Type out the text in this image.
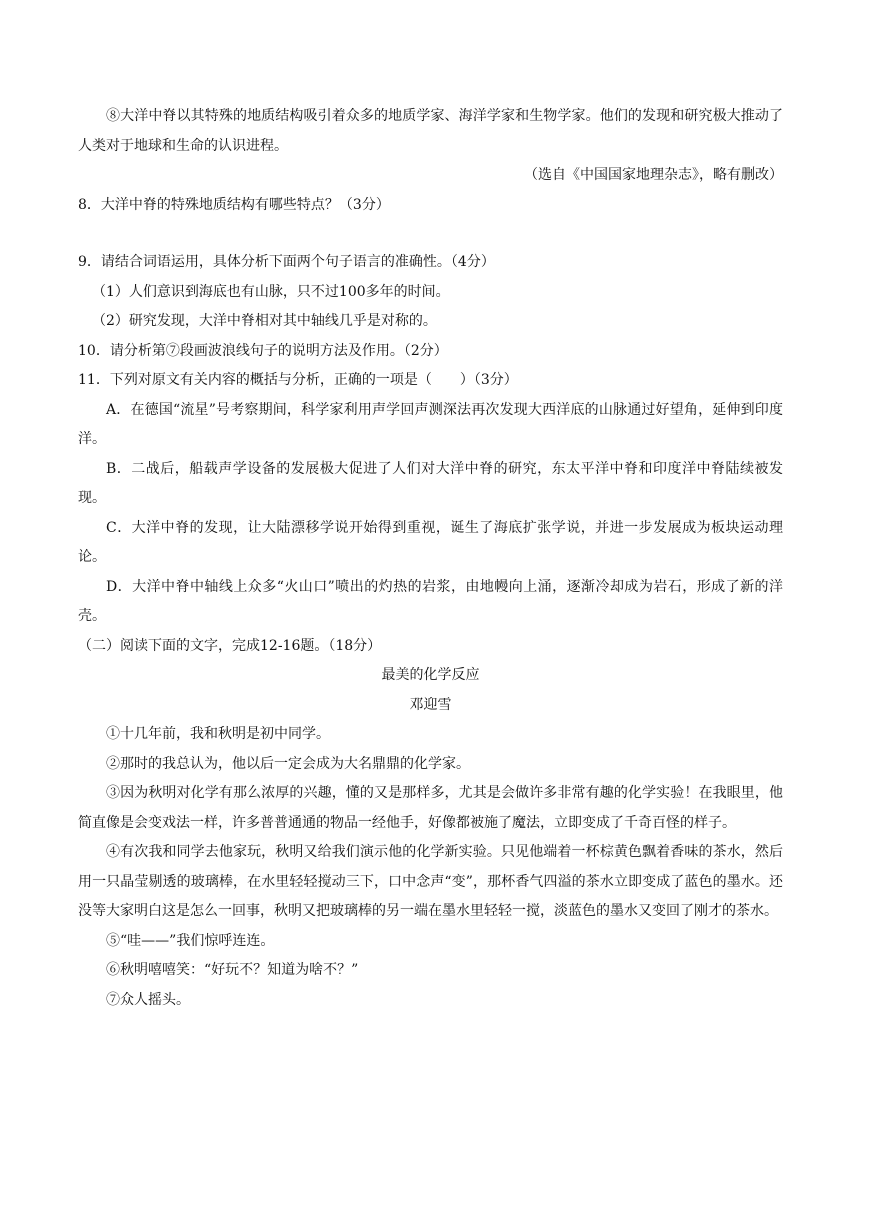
⑧大洋中脊以其特殊的地质结构吸引着众多的地质学家、海洋学家和生物学家。他们的发现和研究极大推动了人类对于地球和生命的认识进程。

（选自《中国国家地理杂志》，略有删改）

8．大洋中脊的特殊地质结构有哪些特点？（3分）

9．请结合词语运用，具体分析下面两个句子语言的准确性。（4分）

（1）人们意识到海底也有山脉，只不过100多年的时间。

（2）研究发现，大洋中脊相对其中轴线几乎是对称的。

10．请分析第⑦段画波浪线句子的说明方法及作用。（2分）

11．下列对原文有关内容的概括与分析，正确的一项是（　　）（3分）

A．在德国“流星”号考察期间，科学家利用声学回声测深法再次发现大西洋底的山脉通过好望角，延伸到印度洋。

B．二战后，船载声学设备的发展极大促进了人们对大洋中脊的研究，东太平洋中脊和印度洋中脊陆续被发现。

C．大洋中脊的发现，让大陆漂移学说开始得到重视，诞生了海底扩张学说，并进一步发展成为板块运动理论。

D．大洋中脊中轴线上众多“火山口”喷出的灼热的岩浆，由地幔向上涌，逐渐冷却成为岩石，形成了新的洋壳。

（二）阅读下面的文字，完成12-16题。（18分）

最美的化学反应

邓迎雪

①十几年前，我和秋明是初中同学。

②那时的我总认为，他以后一定会成为大名鼎鼎的化学家。

③因为秋明对化学有那么浓厚的兴趣，懂的又是那样多，尤其是会做许多非常有趣的化学实验！在我眼里，他简直像是会变戏法一样，许多普普通通的物品一经他手，好像都被施了魔法，立即变成了千奇百怪的样子。

④有次我和同学去他家玩，秋明又给我们演示他的化学新实验。只见他端着一杯棕黄色飘着香味的茶水，然后用一只晶莹剔透的玻璃棒，在水里轻轻搅动三下，口中念声“变”，那杯香气四溢的茶水立即变成了蓝色的墨水。还没等大家明白这是怎么一回事，秋明又把玻璃棒的另一端在墨水里轻轻一搅，淡蓝色的墨水又变回了刚才的茶水。

⑤“哇——”我们惊呼连连。

⑥秋明嘻嘻笑：“好玩不？知道为啥不？”

⑦众人摇头。
